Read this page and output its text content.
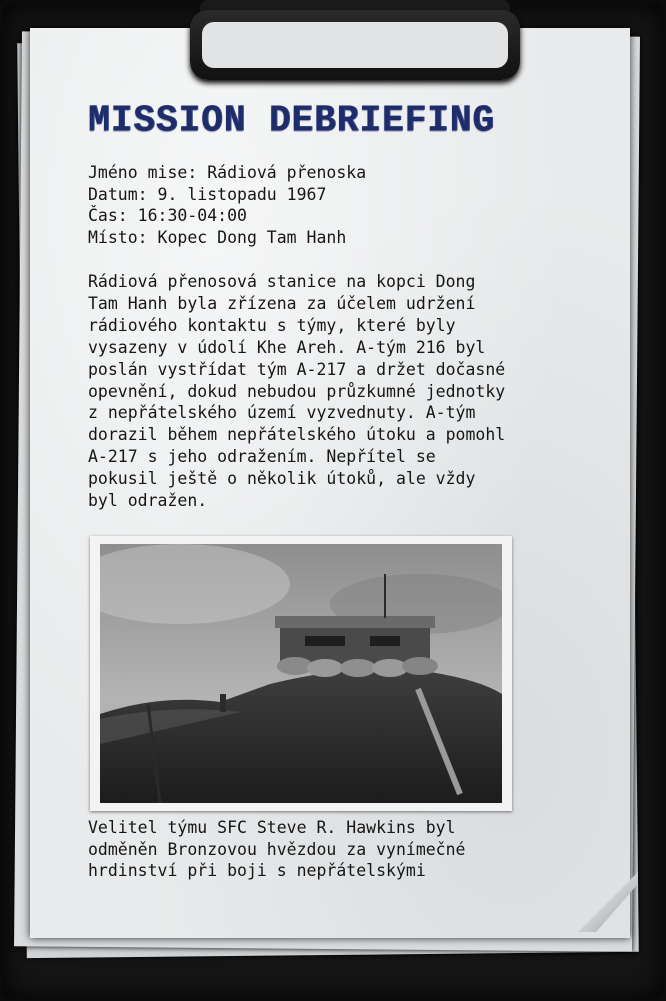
MISSION DEBRIEFING
Jméno mise: Rádiová přenoska
Datum: 9. listopadu 1967
Čas: 16:30-04:00
Místo: Kopec Dong Tam Hanh
Rádiová přenosová stanice na kopci Dong
Tam Hanh byla zřízena za účelem udržení
rádiového kontaktu s týmy, které byly
vysazeny v údolí Khe Areh. A-tým 216 byl
poslán vystřídat tým A-217 a držet dočasné
opevnění, dokud nebudou průzkumné jednotky
z nepřátelského území vyzvednuty. A-tým
dorazil během nepřátelského útoku a pomohl
A-217 s jeho odražením. Nepřítel se
pokusil ještě o několik útoků, ale vždy
byl odražen.
Velitel týmu SFC Steve R. Hawkins byl
odměněn Bronzovou hvězdou za vynímečné
hrdinství při boji s nepřátelskými
